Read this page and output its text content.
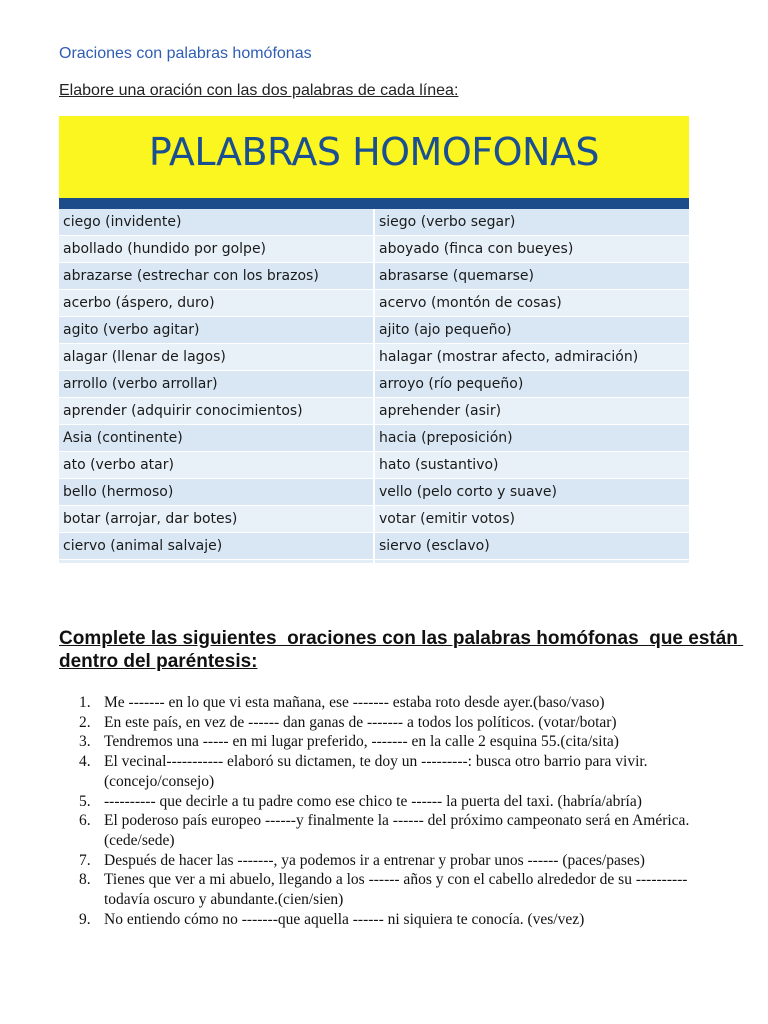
Oraciones con palabras homófonas
Elabore una oración con las dos palabras de cada línea:
PALABRAS HOMOFONAS
ciego (invidente)	siego (verbo segar)
abollado (hundido por golpe)	aboyado (finca con bueyes)
abrazarse (estrechar con los brazos)	abrasarse (quemarse)
acerbo (áspero, duro)	acervo (montón de cosas)
agito (verbo agitar)	ajito (ajo pequeño)
alagar (llenar de lagos)	halagar (mostrar afecto, admiración)
arrollo (verbo arrollar)	arroyo (río pequeño)
aprender (adquirir conocimientos)	aprehender (asir)
Asia (continente)	hacia (preposición)
ato (verbo atar)	hato (sustantivo)
bello (hermoso)	vello (pelo corto y suave)
botar (arrojar, dar botes)	votar (emitir votos)
ciervo (animal salvaje)	siervo (esclavo)
Complete las siguientes  oraciones con las palabras homófonas  que están dentro del paréntesis:
1. Me ------- en lo que vi esta mañana, ese ------- estaba roto desde ayer.(baso/vaso)
2. En este país, en vez de ------ dan ganas de ------- a todos los políticos. (votar/botar)
3. Tendremos una ----- en mi lugar preferido, ------- en la calle 2 esquina 55.(cita/sita)
4. El vecinal----------- elaboró su dictamen, te doy un ---------: busca otro barrio para vivir.(concejo/consejo)
5. ---------- que decirle a tu padre como ese chico te ------ la puerta del taxi. (habría/abría)
6. El poderoso país europeo ------y finalmente la ------ del próximo campeonato será en América.(cede/sede)
7. Después de hacer las -------, ya podemos ir a entrenar y probar unos ------ (paces/pases)
8. Tienes que ver a mi abuelo, llegando a los ------ años y con el cabello alrededor de su ---------- todavía oscuro y abundante.(cien/sien)
9. No entiendo cómo no -------que aquella ------ ni siquiera te conocía. (ves/vez)
